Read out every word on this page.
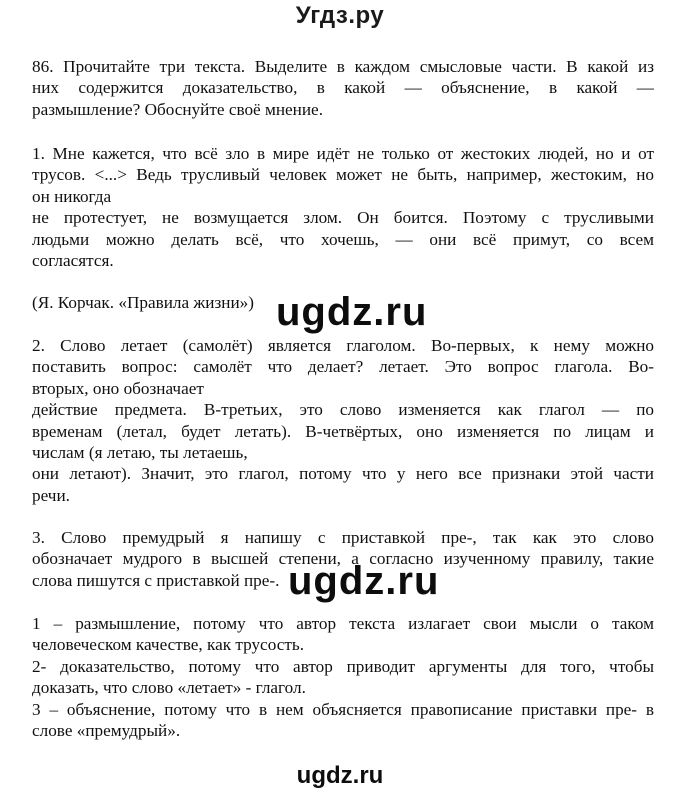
Угдз.ру
86. Прочитайте три текста. Выделите в каждом смысловые части. В какой из
них содержится доказательство, в какой — объяснение, в какой —
размышление? Обоснуйте своё мнение.
1. Мне кажется, что всё зло в мире идёт не только от жестоких людей, но и от
трусов. <...> Ведь трусливый человек может не быть, например, жестоким, но
он никогда
не протестует, не возмущается злом. Он боится. Поэтому с трусливыми
людьми можно делать всё, что хочешь, — они всё примут, со всем
согласятся.
(Я. Корчак. «Правила жизни»)
2. Слово летает (самолёт) является глаголом. Во-первых, к нему можно
поставить вопрос: самолёт что делает? летает. Это вопрос глагола. Во-
вторых, оно обозначает
действие предмета. В-третьих, это слово изменяется как глагол — по
временам (летал, будет летать). В-четвёртых, оно изменяется по лицам и
числам (я летаю, ты летаешь,
они летают). Значит, это глагол, потому что у него все признаки этой части
речи.
3. Слово премудрый я напишу с приставкой пре-, так как это слово
обозначает мудрого в высшей степени, а согласно изученному правилу, такие
слова пишутся с приставкой пре-.
1 – размышление, потому что автор текста излагает свои мысли о таком
человеческом качестве, как трусость.
2- доказательство, потому что автор приводит аргументы для того, чтобы
доказать, что слово «летает» - глагол.
3 – объяснение, потому что в нем объясняется правописание приставки пре- в
слове «премудрый».
ugdz.ru
ugdz.ru
ugdz.ru
